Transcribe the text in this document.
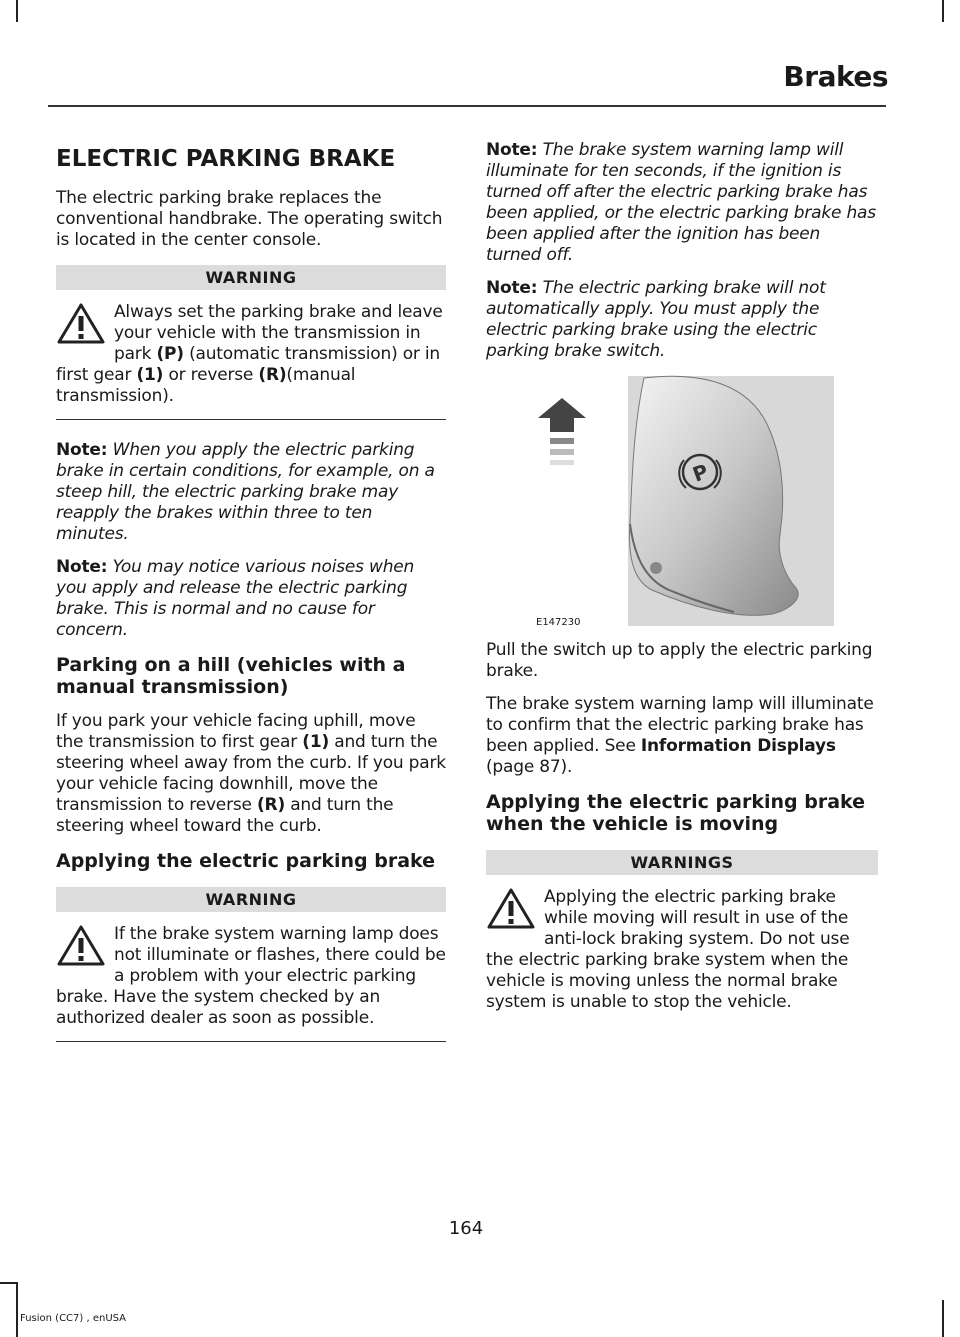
Brakes
ELECTRIC PARKING BRAKE

The electric parking brake replaces the conventional handbrake. The operating switch is located in the center console.

WARNING
Always set the parking brake and leave your vehicle with the transmission in park (P) (automatic transmission) or in first gear (1) or reverse (R)(manual transmission).

Note: When you apply the electric parking brake in certain conditions, for example, on a steep hill, the electric parking brake may reapply the brakes within three to ten minutes.

Note: You may notice various noises when you apply and release the electric parking brake. This is normal and no cause for concern.

Parking on a hill (vehicles with a manual transmission)

If you park your vehicle facing uphill, move the transmission to first gear (1) and turn the steering wheel away from the curb. If you park your vehicle facing downhill, move the transmission to reverse (R) and turn the steering wheel toward the curb.

Applying the electric parking brake
WARNING
If the brake system warning lamp does not illuminate or flashes, there could be a problem with your electric parking brake. Have the system checked by an authorized dealer as soon as possible.

Note: The brake system warning lamp will illuminate for ten seconds, if the ignition is turned off after the electric parking brake has been applied, or the electric parking brake has been applied after the ignition has been turned off.

Note: The electric parking brake will not automatically apply. You must apply the electric parking brake using the electric parking brake switch.

P
E147230

Pull the switch up to apply the electric parking brake.

The brake system warning lamp will illuminate to confirm that the electric parking brake has been applied. See Information Displays (page 87).

Applying the electric parking brake when the vehicle is moving
WARNINGS
Applying the electric parking brake while moving will result in use of the anti-lock braking system. Do not use the electric parking brake system when the vehicle is moving unless the normal brake system is unable to stop the vehicle.
164
Fusion (CC7) , enUSA
